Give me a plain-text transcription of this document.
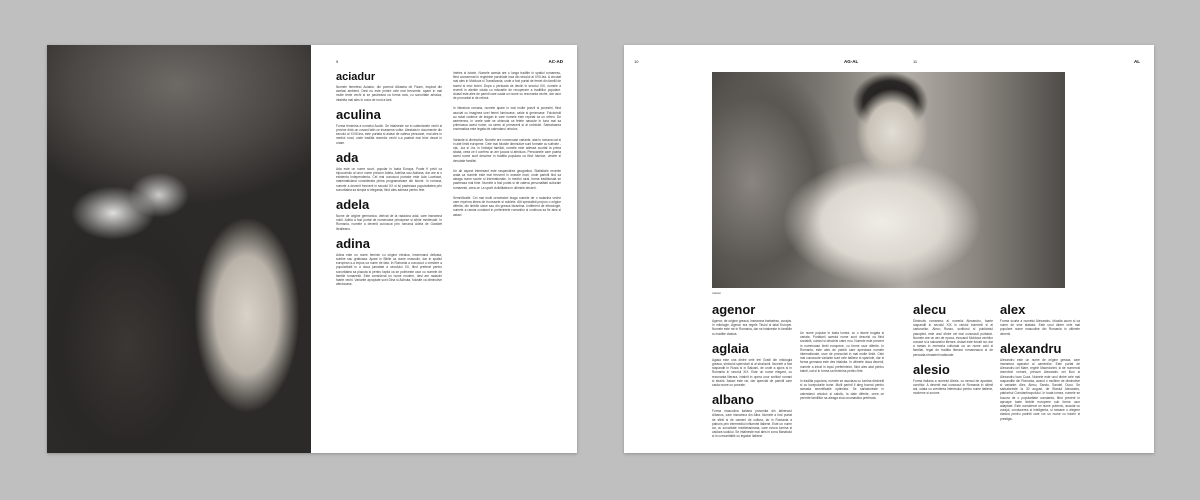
9	AC-AD
aciadur
Numele femeiesc Aciadur, din poemul Albastra de Fizam, inspirat din acelasi ambient. Desi nu este printre cele mai frecvente, apare in mai multe texte vechi si se pastreaza ca forma rara, cu sonoritate arhaica, intalnita mai ales in zona de nord a tarii.
aculina
Forma feminina a numelui Aculin. Se intalneste rar in calendarele vechi si provine dintr-un cuvant latin ce inseamna vultur. Atestata in documente din secolul al XVIII-lea, este purtata si astazi de cateva persoane, mai ales in mediul rural, unde traditia numelor vechi s-a pastrat mai bine decat in orase.
ada
Ada este un nume scurt, popular in toata Europa. Poate fi privit ca hipocoristic al unor nume precum Adela, Adelina sau Adriana, dar are si o existenta independenta. Cel mai cunoscut purtator este Ada Lovelace, matematiciana considerata prima programatoare din istorie. In romana, numele a devenit frecvent in secolul XX si isi pastreaza popularitatea prin sonoritatea sa simpla si eleganta, fiind ales adesea pentru fete.
adela
Nume de origine germanica, derivat de la radacina adal, care inseamna nobil. Adela a fost purtat de numeroase principese si sfinte medievale. In Romania, numele a devenit cunoscut prin romanul Adela de Garabet Ibraileanu.
adina
Adina este un nume feminin cu origine ebraica, insemnand delicata, subtire sau gratioasa. Apare in Biblie ca nume masculin, dar in spatiul european s-a impus ca nume de fata. In Romania a cunoscut o crestere a popularitatii in a doua jumatate a secolului XX, fiind preferat pentru sonoritatea sa placuta si pentru faptul ca se potriveste usor cu numele de familie romanesti. Este considerat un nume modern, desi are radacini foarte vechi. Variante apropiate sunt Dina si Adinuta, folosite ca diminutive afectuoase.
Inteles si istorie. Numele acesta are o lunga traditie in spatiul romanesc, fiind consemnat in registrele parohiale inca din secolul al XVII-lea. A circulat mai ales in Moldova si Transilvania, unde a fost purtat de femei din familii de razesi si mici boieri. Dupa o perioada de declin in secolul XIX, numele a revenit in atentie odata cu miscarile de recuperare a traditiilor populare. Astazi este ales de parinti care cauta un nume cu rezonanta veche, dar usor de pronuntat si de retinut.
In literatura romana, numele apare in mai multe poezii si povestiri, fiind asociat cu imaginea unei femei luminoase, calde si generoase. Folcloristii au notat cantece de leagan in care numele este repetat ca un refren. De asemenea, in unele sate se obisnuia ca fetele nascute in luna mai sa primeasca acest nume, ca semn al primaverii si al rodniciei. Sarbatoarea onomastica este legata de calendarul ortodox.
Variante si diminutive. Numele are numeroase variante, atat in romana cat si in alte limbi europene. Cele mai folosite diminutive sunt formate cu sufixele -uta, -ica si -ita. In limbajul familial, numele este adesea scurtat la prima silaba, ceea ce ii confera un aer jucaus si afectuos. Persoanele care poarta acest nume sunt descrise in traditia populara ca fiind harnice, vesele si devotate familiei.
Un alt aspect interesant este raspandirea geografica. Statisticile recente arata ca numele este mai frecvent in orasele mari, unde parintii tind sa aleaga nume scurte si internationale. In mediul rural, forma traditionala se pastreaza mai bine. Numele a fost purtat si de cateva personalitati culturale romanesti, ceea ce i-a sporit vizibilitatea in ultimele decenii.
Semnificatie. Cei mai multi cercetatori leaga numele de o radacina veche care exprima ideea de frumusete si noblete. Alti specialisti propun o origine diferita, din limbile slave sau din greaca bizantina. Indiferent de etimologie, numele a ramas constant in preferintele romanilor si continua sa fie ales si astazi.
10	AG-AL	11	AL
rustom
agenor
Agenor, de origine greaca, inseamna barbatesc, curajos. In mitologie, Agenor era regele Tirului si tatal Europei. Numele este rar in Romania, dar se intalneste in familiile cu traditie clasica.
aglaia
Aglaia este una dintre cele trei Gratii din mitologia greaca, simbolul splendorii si al stralucirii. Numele a fost raspandit in Rusia si in Balcani, de unde a ajuns si in Romania in secolul XIX. Este un nume elegant, cu rezonanta literara, intalnit in opera unor scriitori romani si straini. Astazi este rar, dar apreciat de parintii care cauta nume cu poveste.
albano
Forma masculina italiana provenita din latinescul Albanus, care inseamna din Alba. Numele a fost purtat de sfinti si de oameni de cultura, iar in Romania a patruns prin intermediul influentei italiene. Este un nume rar, cu sonoritate mediteraneana, care evoca lumina si caldura sudului. Se intalneste mai ales in zona Banatului si in comunitatile cu legaturi italiene.
Un nume popular in toata lumea, cu o istorie bogata si variata. Purtatorii acestui nume sunt descrisi ca fiind sociabili, curiosi si deschisi catre nou. Numele este prezent in numeroase limbi europene, cu forme usor diferite. In Romania, este ales de parinti care apreciaza numele internationale, usor de pronuntat in mai multe limbi. Cele mai cunoscute variante sunt cele italiene si spaniole, dar si forma germana este des intalnita. In ultimele doua decenii, numele a intrat in topul preferintelor, fiind ales atat pentru baieti, cat si in forma sa feminina pentru fete.
In traditia populara, numele se asociaza cu lumina diminetii si cu inceputurile bune. Multi parinti il aleg tocmai pentru aceasta semnificatie optimista. Se sarbatoreste in calendarul ortodox si catolic, la date diferite, ceea ce permite familiilor sa aleaga ziua onomastica preferata.
alecu
Diminutiv romanesc al numelui Alexandru, foarte raspandit in secolul XIX in randul boierimii si al carturarilor. Alecu Russo, scriitorul si publicistul pasoptist, este unul dintre cei mai cunoscuti purtatori. Numele are un aer de epoca, evocand Moldova vechilor conace si a saloanelor literare. Astazi este folosit rar, dar a ramas in memoria culturala ca un nume cald si familiar, legat de traditia literara romaneasca si de perioada renasterii nationale.
alesio
Forma italiana a numelui Alexis, cu sensul de aparator, ocrotitor. A devenit mai cunoscut in Romania in ultimii ani, odata cu cresterea interesului pentru nume italiene, moderne si sonore.
alex
Forma scurta a numelui Alexandru, folosita acum si ca nume de sine statator. Este unul dintre cele mai populare nume masculine din Romania in ultimele decenii.
alexandru
Alexandru este un nume de origine greaca, care inseamna aparator al oamenilor. Este purtat de Alexandru cel Mare, regele Macedoniei, si de numerosi domnitori romani, precum Alexandru cel Bun si Alexandru Ioan Cuza. Numele este unul dintre cele mai raspandite din Romania, avand o multime de diminutive si variante: Alex, Alecu, Sandu, Sandel, Ducu. Se sarbatoreste la 30 august, de Sfantul Alexandru, patriarhul Constantinopolului. In toata lumea, numele se bucura de o popularitate constanta, fiind prezent in aproape toate limbile europene sub forme usor adaptate. Este considerat un nume puternic, asociat cu curajul, conducerea si inteligenta, si ramane o alegere clasica pentru parintii care vor un nume cu istorie si prestigiu.
